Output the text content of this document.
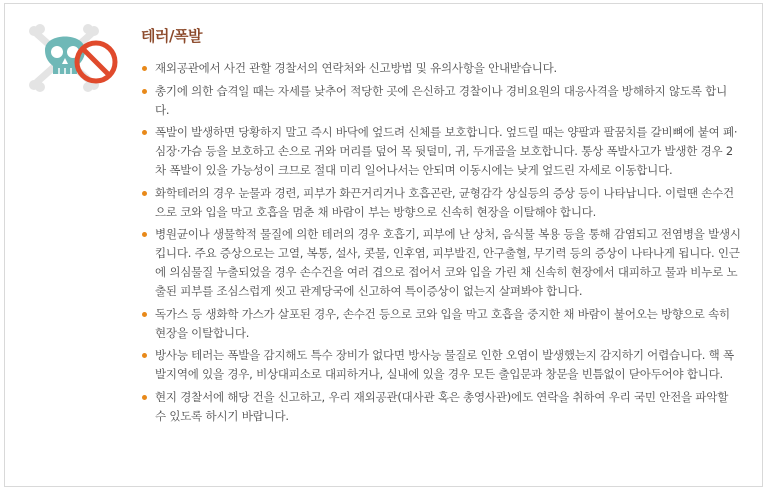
테러/폭발
재외공관에서 사건 관할 경찰서의 연락처와 신고방법 및 유의사항을 안내받습니다.
총기에 의한 습격일 때는 자세를 낮추어 적당한 곳에 은신하고 경찰이나 경비요원의 대응사격을 방해하지 않도록 합니다.
폭발이 발생하면 당황하지 말고 즉시 바닥에 엎드려 신체를 보호합니다. 엎드릴 때는 양팔과 팔꿈치를 갈비뼈에 붙여 폐·심장·가슴 등을 보호하고 손으로 귀와 머리를 덮어 목 뒷덜미, 귀, 두개골을 보호합니다. 통상 폭발사고가 발생한 경우 2차 폭발이 있을 가능성이 크므로 절대 미리 일어나서는 안되며 이동시에는 낮게 엎드린 자세로 이동합니다.
화학테러의 경우 눈물과 경련, 피부가 화끈거리거나 호흡곤란, 균형감각 상실등의 증상 등이 나타납니다. 이럴땐 손수건으로 코와 입을 막고 호흡을 멈춘 채 바람이 부는 방향으로 신속히 현장을 이탈해야 합니다.
병원균이나 생물학적 물질에 의한 테러의 경우 호흡기, 피부에 난 상처, 음식물 복용 등을 통해 감염되고 전염병을 발생시킵니다. 주요 증상으로는 고열, 복통, 설사, 콧물, 인후염, 피부발진, 안구출혈, 무기력 등의 증상이 나타나게 됩니다. 인근에 의심물질 누출되었을 경우 손수건을 여러 겹으로 접어서 코와 입을 가린 채 신속히 현장에서 대피하고 물과 비누로 노출된 피부를 조심스럽게 씻고 관계당국에 신고하여 특이증상이 없는지 살펴봐야 합니다.
독가스 등 생화학 가스가 살포된 경우, 손수건 등으로 코와 입을 막고 호흡을 중지한 채 바람이 불어오는 방향으로 속히 현장을 이탈합니다.
방사능 테러는 폭발을 감지해도 특수 장비가 없다면 방사능 물질로 인한 오염이 발생했는지 감지하기 어렵습니다. 핵 폭발지역에 있을 경우, 비상대피소로 대피하거나, 실내에 있을 경우 모든 출입문과 창문을 빈틈없이 닫아두어야 합니다.
현지 경찰서에 해당 건을 신고하고, 우리 재외공관(대사관 혹은 총영사관)에도 연락을 취하여 우리 국민 안전을 파악할 수 있도록 하시기 바랍니다.
